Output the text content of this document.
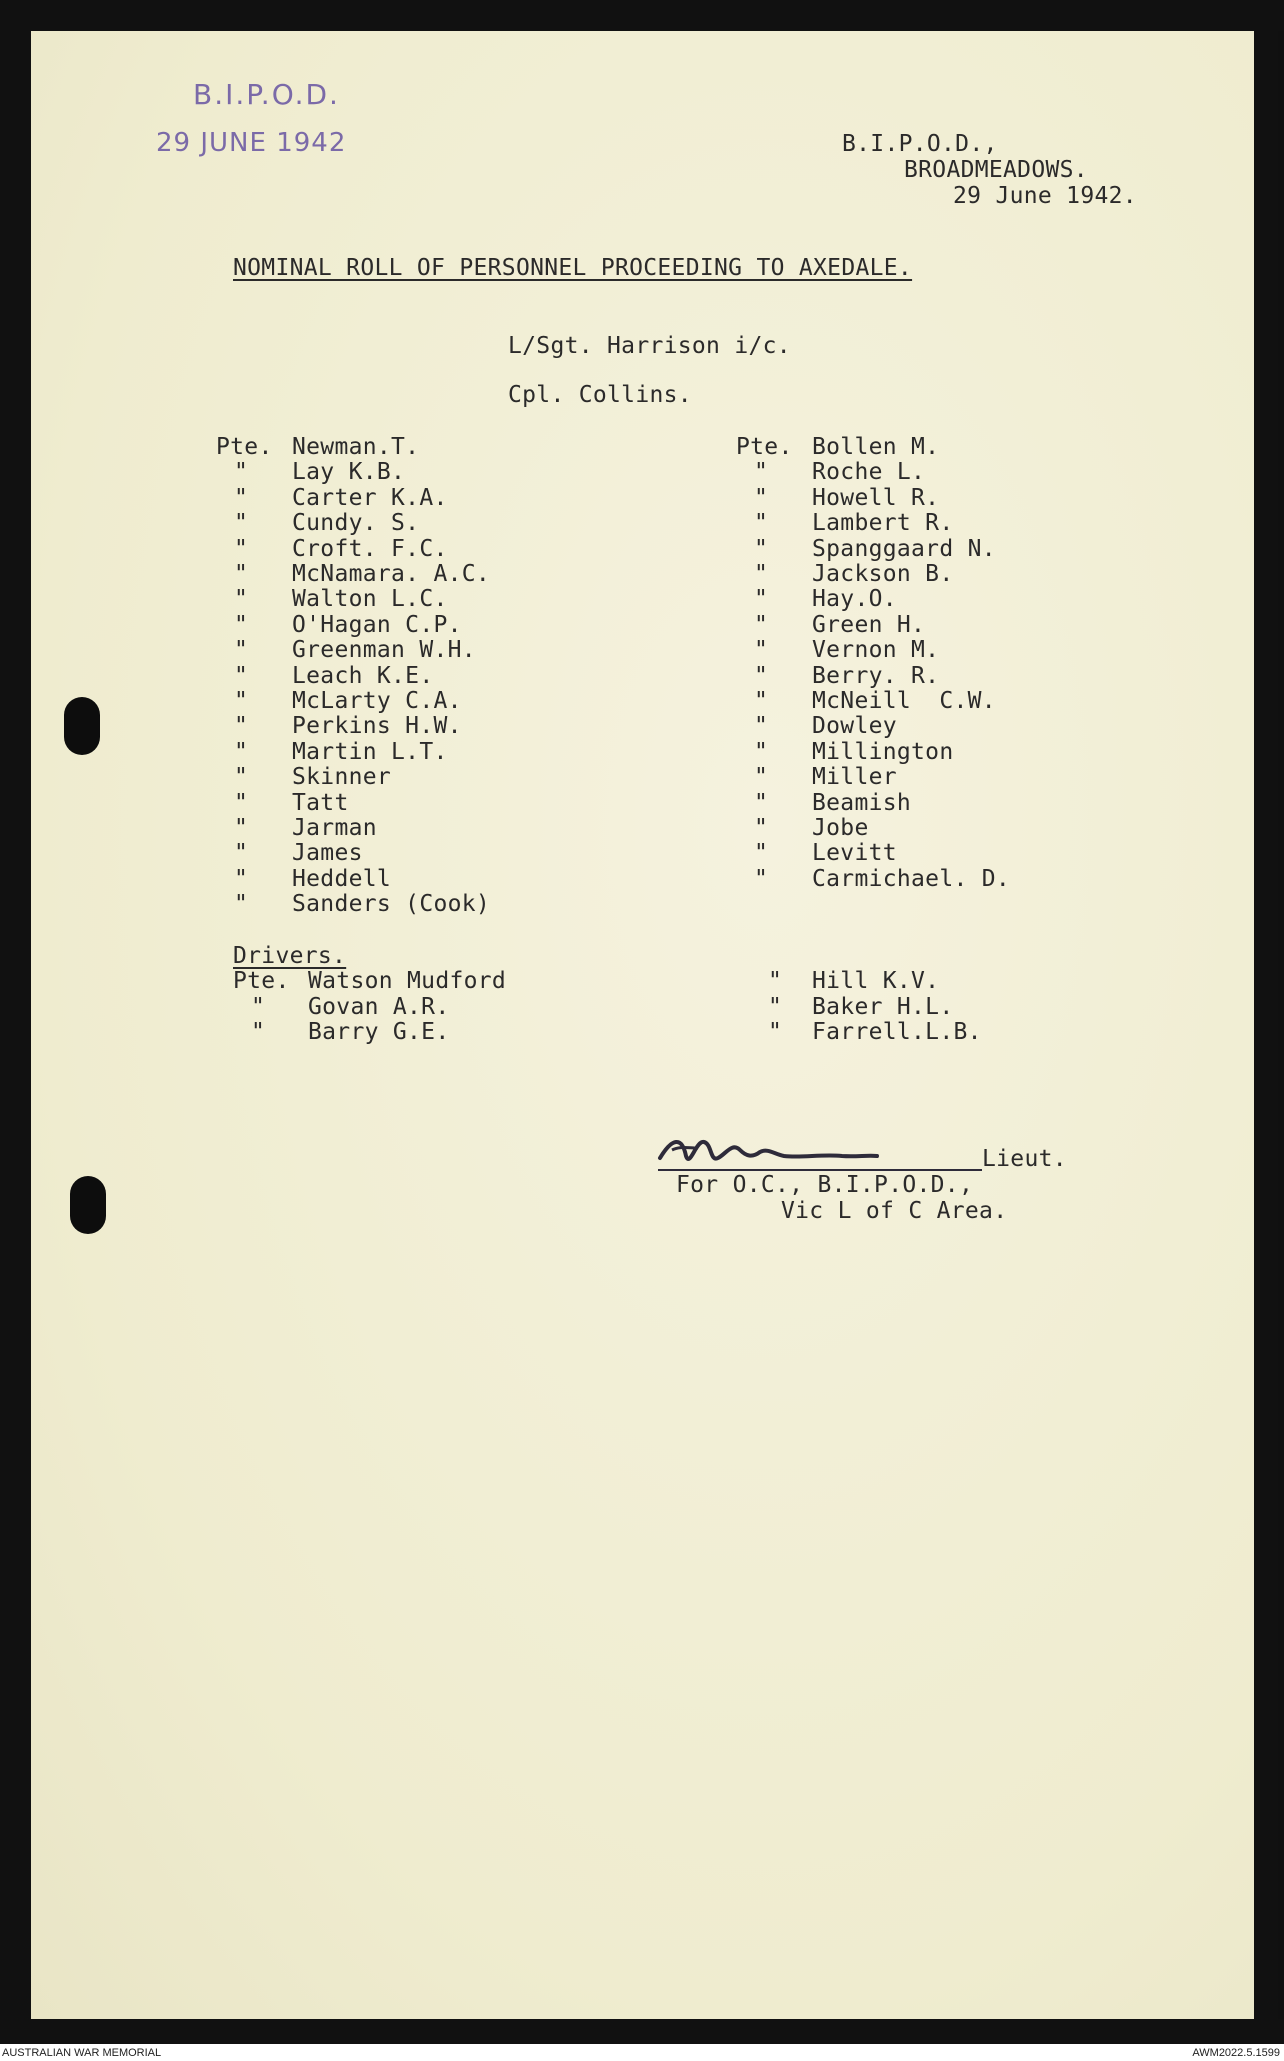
B.I.P.O.D.
29 JUNE 1942	B.I.P.O.D.,
BROADMEADOWS.
29 June 1942.
NOMINAL ROLL OF PERSONNEL PROCEEDING TO AXEDALE.
L/Sgt. Harrison i/c.
Cpl. Collins.
Pte. Newman.T.
" Lay K.B.
" Carter K.A.
" Cundy. S.
" Croft. F.C.
" McNamara. A.C.
" Walton L.C.
" O'Hagan C.P.
" Greenman W.H.
" Leach K.E.
" McLarty C.A.
" Perkins H.W.
" Martin L.T.
" Skinner
" Tatt
" Jarman
" James
" Heddell
" Sanders (Cook)
Pte. Bollen M.
" Roche L.
" Howell R.
" Lambert R.
" Spanggaard N.
" Jackson B.
" Hay.O.
" Green H.
" Vernon M.
" Berry. R.
" McNeill  C.W.
" Dowley
" Millington
" Miller
" Beamish
" Jobe
" Levitt
" Carmichael. D.
Drivers.
Pte. Watson Mudford
" Govan A.R.
" Barry G.E.
" Hill K.V.
" Baker H.L.
" Farrell.L.B.
Lieut.
For O.C., B.I.P.O.D.,
Vic L of C Area.
AUSTRALIAN WAR MEMORIAL	AWM2022.5.1599
